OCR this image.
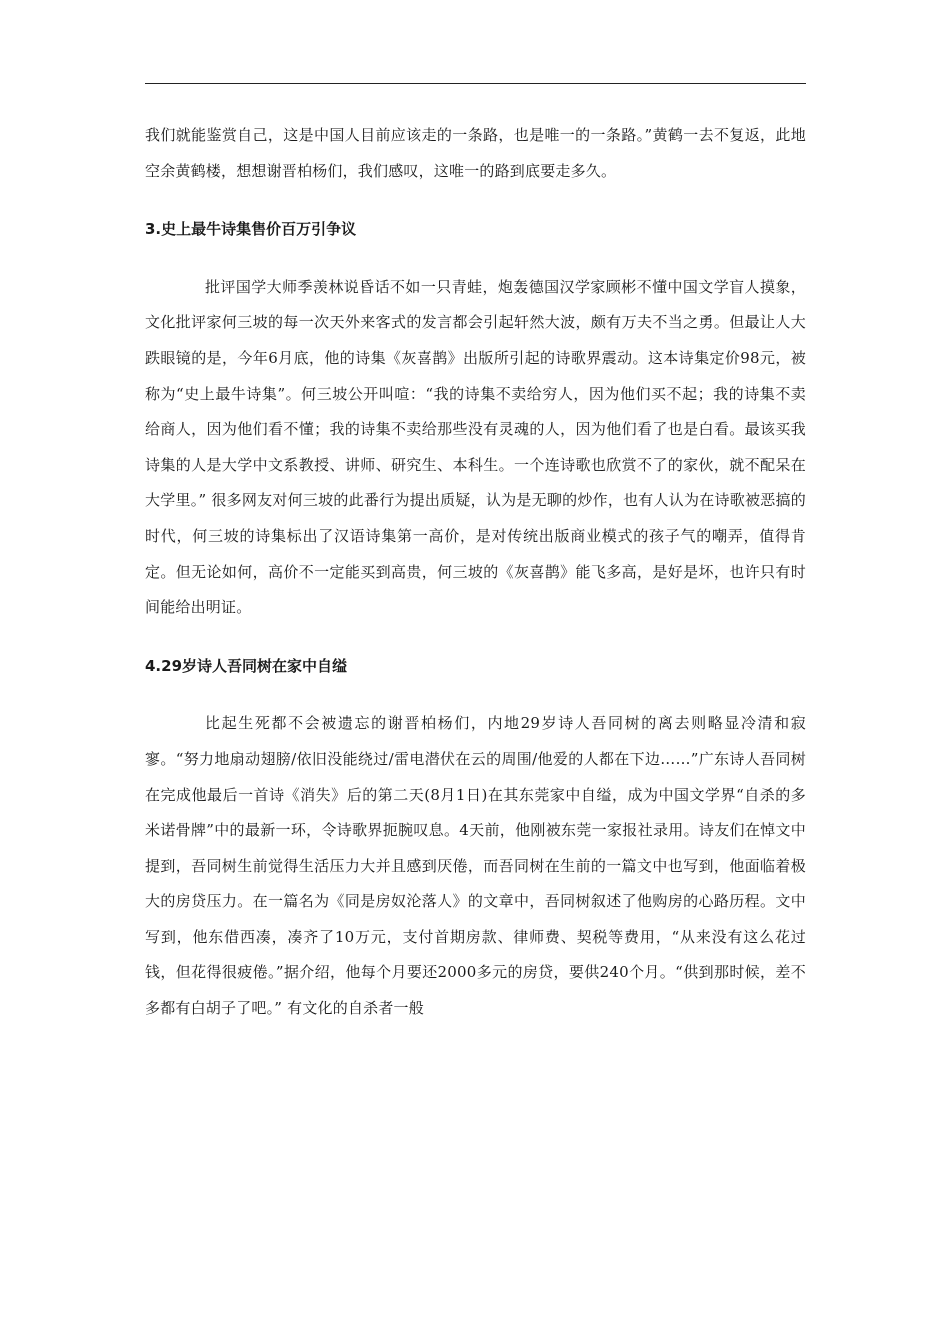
我们就能鉴赏自己，这是中国人目前应该走的一条路，也是唯一的一条路。”黄鹤一去不复返，此地空余黄鹤楼，想想谢晋柏杨们，我们感叹，这唯一的路到底要走多久。

3.史上最牛诗集售价百万引争议

批评国学大师季羡林说昏话不如一只青蛙，炮轰德国汉学家顾彬不懂中国文学盲人摸象，文化批评家何三坡的每一次天外来客式的发言都会引起轩然大波，颇有万夫不当之勇。但最让人大跌眼镜的是，今年6月底，他的诗集《灰喜鹊》出版所引起的诗歌界震动。这本诗集定价98元，被称为“史上最牛诗集”。何三坡公开叫喧：“我的诗集不卖给穷人，因为他们买不起；我的诗集不卖给商人，因为他们看不懂；我的诗集不卖给那些没有灵魂的人，因为他们看了也是白看。最该买我诗集的人是大学中文系教授、讲师、研究生、本科生。一个连诗歌也欣赏不了的家伙，就不配呆在大学里。” 很多网友对何三坡的此番行为提出质疑，认为是无聊的炒作，也有人认为在诗歌被恶搞的时代，何三坡的诗集标出了汉语诗集第一高价，是对传统出版商业模式的孩子气的嘲弄，值得肯定。但无论如何，高价不一定能买到高贵，何三坡的《灰喜鹊》能飞多高，是好是坏，也许只有时间能给出明证。

4.29岁诗人吾同树在家中自缢

比起生死都不会被遗忘的谢晋柏杨们，内地29岁诗人吾同树的离去则略显冷清和寂寥。“努力地扇动翅膀/依旧没能绕过/雷电潜伏在云的周围/他爱的人都在下边……”广东诗人吾同树在完成他最后一首诗《消失》后的第二天(8月1日)在其东莞家中自缢，成为中国文学界“自杀的多米诺骨牌”中的最新一环，令诗歌界扼腕叹息。4天前，他刚被东莞一家报社录用。诗友们在悼文中提到，吾同树生前觉得生活压力大并且感到厌倦，而吾同树在生前的一篇文中也写到，他面临着极大的房贷压力。在一篇名为《同是房奴沦落人》的文章中，吾同树叙述了他购房的心路历程。文中写到，他东借西凑，凑齐了10万元，支付首期房款、律师费、契税等费用，“从来没有这么花过钱，但花得很疲倦。”据介绍，他每个月要还2000多元的房贷，要供240个月。“供到那时候，差不多都有白胡子了吧。” 有文化的自杀者一般
